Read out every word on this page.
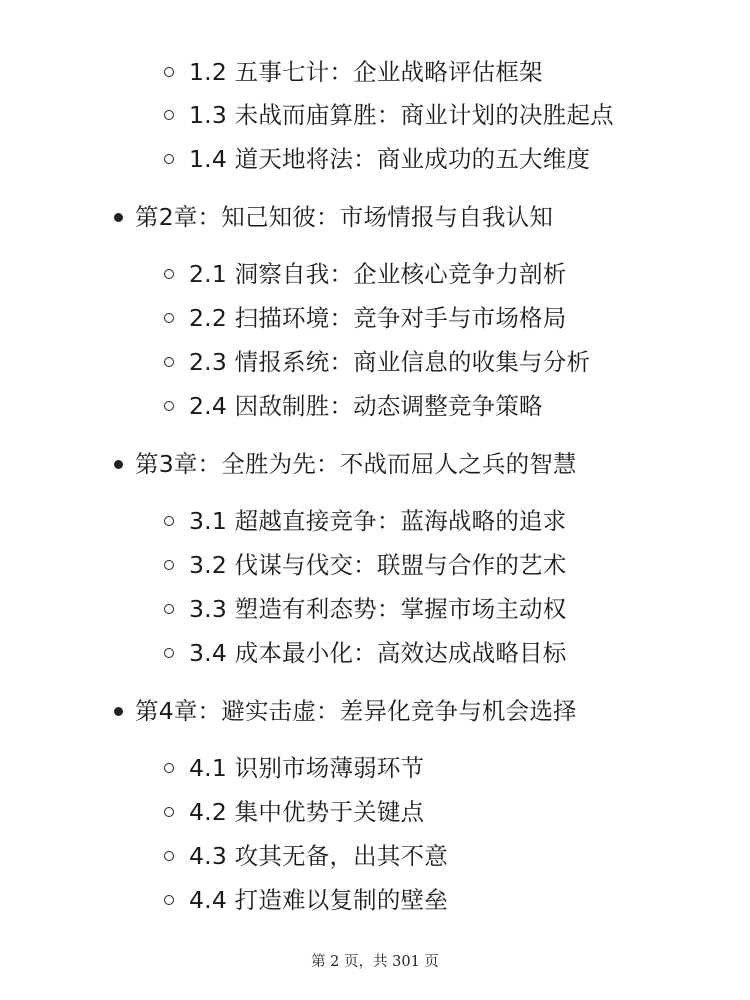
1.2 五事七计：企业战略评估框架
1.3 未战而庙算胜：商业计划的决胜起点
1.4 道天地将法：商业成功的五大维度
第2章：知己知彼：市场情报与自我认知
2.1 洞察自我：企业核心竞争力剖析
2.2 扫描环境：竞争对手与市场格局
2.3 情报系统：商业信息的收集与分析
2.4 因敌制胜：动态调整竞争策略
第3章：全胜为先：不战而屈人之兵的智慧
3.1 超越直接竞争：蓝海战略的追求
3.2 伐谋与伐交：联盟与合作的艺术
3.3 塑造有利态势：掌握市场主动权
3.4 成本最小化：高效达成战略目标
第4章：避实击虚：差异化竞争与机会选择
4.1 识别市场薄弱环节
4.2 集中优势于关键点
4.3 攻其无备，出其不意
4.4 打造难以复制的壁垒
第 2 页，共 301 页
